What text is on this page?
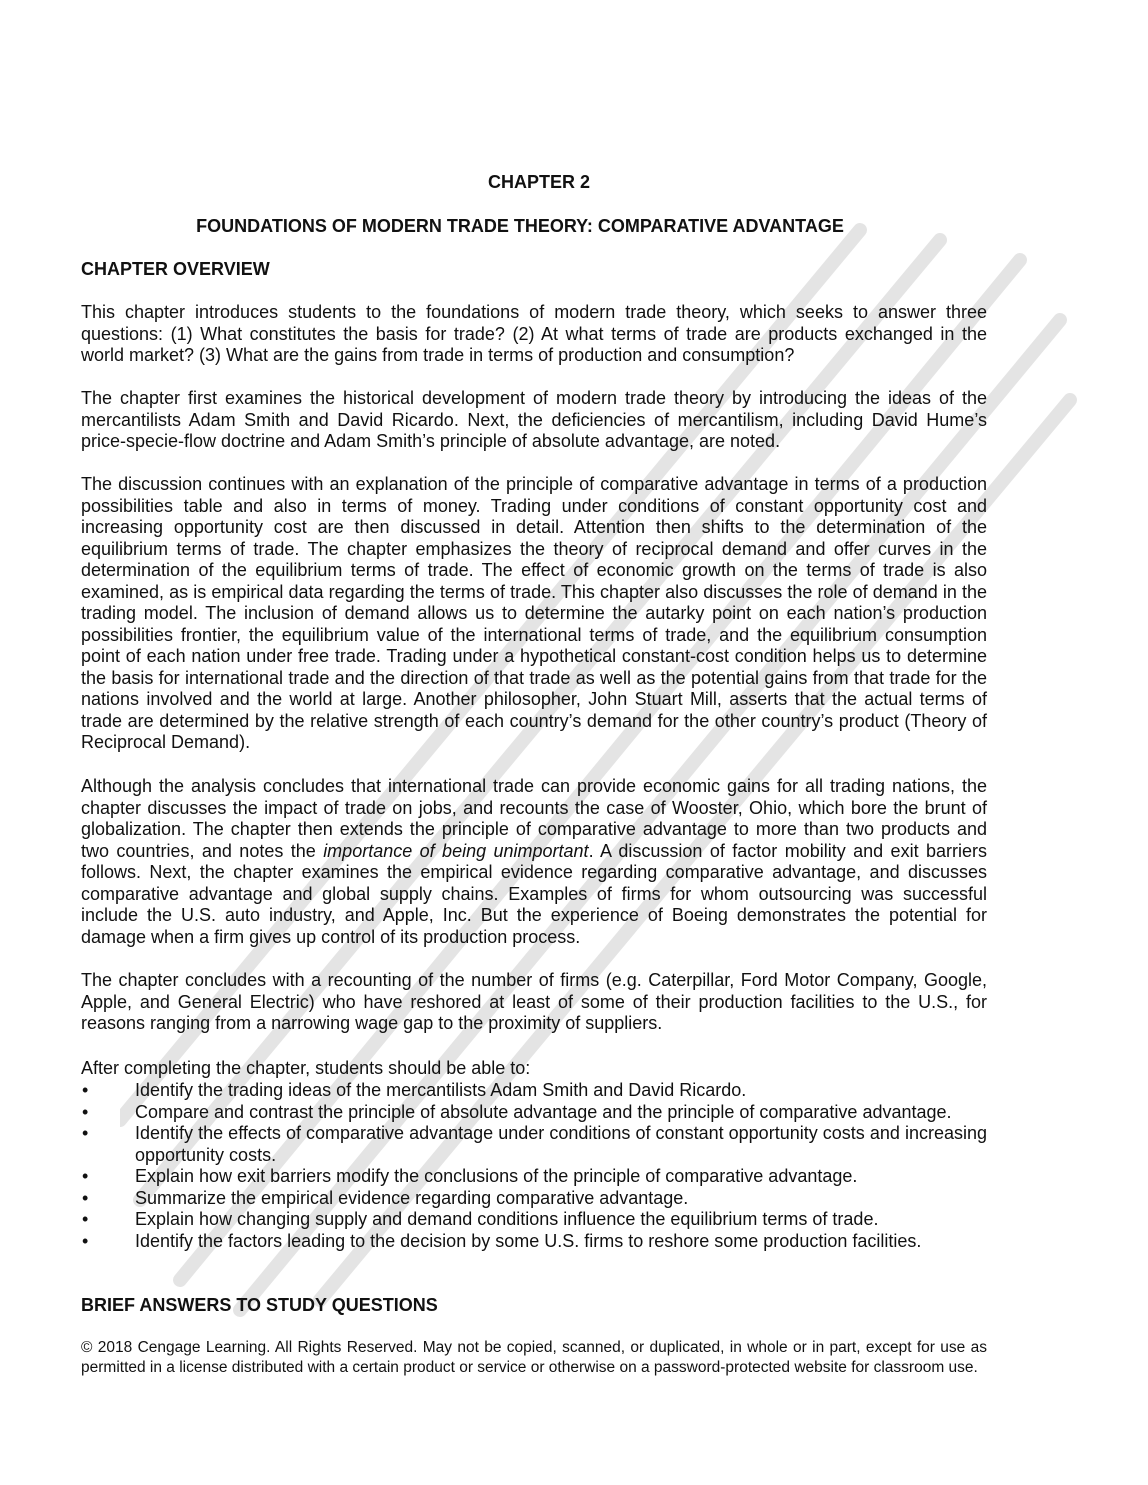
CHAPTER 2
FOUNDATIONS OF MODERN TRADE THEORY: COMPARATIVE ADVANTAGE
CHAPTER OVERVIEW

This chapter introduces students to the foundations of modern trade theory, which seeks to answer three questions: (1) What constitutes the basis for trade? (2) At what terms of trade are products exchanged in the world market? (3) What are the gains from trade in terms of production and consumption?

The chapter first examines the historical development of modern trade theory by introducing the ideas of the mercantilists Adam Smith and David Ricardo. Next, the deficiencies of mercantilism, including David Hume’s price-specie-flow doctrine and Adam Smith’s principle of absolute advantage, are noted.

The discussion continues with an explanation of the principle of comparative advantage in terms of a production possibilities table and also in terms of money. Trading under conditions of constant opportunity cost and increasing opportunity cost are then discussed in detail. Attention then shifts to the determination of the equilibrium terms of trade. The chapter emphasizes the theory of reciprocal demand and offer curves in the determination of the equilibrium terms of trade. The effect of economic growth on the terms of trade is also examined, as is empirical data regarding the terms of trade. This chapter also discusses the role of demand in the trading model. The inclusion of demand allows us to determine the autarky point on each nation’s production possibilities frontier, the equilibrium value of the international terms of trade, and the equilibrium consumption point of each nation under free trade. Trading under a hypothetical constant-cost condition helps us to determine the basis for international trade and the direction of that trade as well as the potential gains from that trade for the nations involved and the world at large. Another philosopher, John Stuart Mill, asserts that the actual terms of trade are determined by the relative strength of each country’s demand for the other country’s product (Theory of Reciprocal Demand).

Although the analysis concludes that international trade can provide economic gains for all trading nations, the chapter discusses the impact of trade on jobs, and recounts the case of Wooster, Ohio, which bore the brunt of globalization. The chapter then extends the principle of comparative advantage to more than two products and two countries, and notes the importance of being unimportant. A discussion of factor mobility and exit barriers follows. Next, the chapter examines the empirical evidence regarding comparative advantage, and discusses comparative advantage and global supply chains. Examples of firms for whom outsourcing was successful include the U.S. auto industry, and Apple, Inc. But the experience of Boeing demonstrates the potential for damage when a firm gives up control of its production process.

The chapter concludes with a recounting of the number of firms (e.g. Caterpillar, Ford Motor Company, Google, Apple, and General Electric) who have reshored at least of some of their production facilities to the U.S., for reasons ranging from a narrowing wage gap to the proximity of suppliers.

After completing the chapter, students should be able to:
•	Identify the trading ideas of the mercantilists Adam Smith and David Ricardo.
•	Compare and contrast the principle of absolute advantage and the principle of comparative advantage.
•	Identify the effects of comparative advantage under conditions of constant opportunity costs and increasing opportunity costs.
•	Explain how exit barriers modify the conclusions of the principle of comparative advantage.
•	Summarize the empirical evidence regarding comparative advantage.
•	Explain how changing supply and demand conditions influence the equilibrium terms of trade.
•	Identify the factors leading to the decision by some U.S. firms to reshore some production facilities.
BRIEF ANSWERS TO STUDY QUESTIONS
© 2018 Cengage Learning. All Rights Reserved. May not be copied, scanned, or duplicated, in whole or in part, except for use as permitted in a license distributed with a certain product or service or otherwise on a password-protected website for classroom use.
